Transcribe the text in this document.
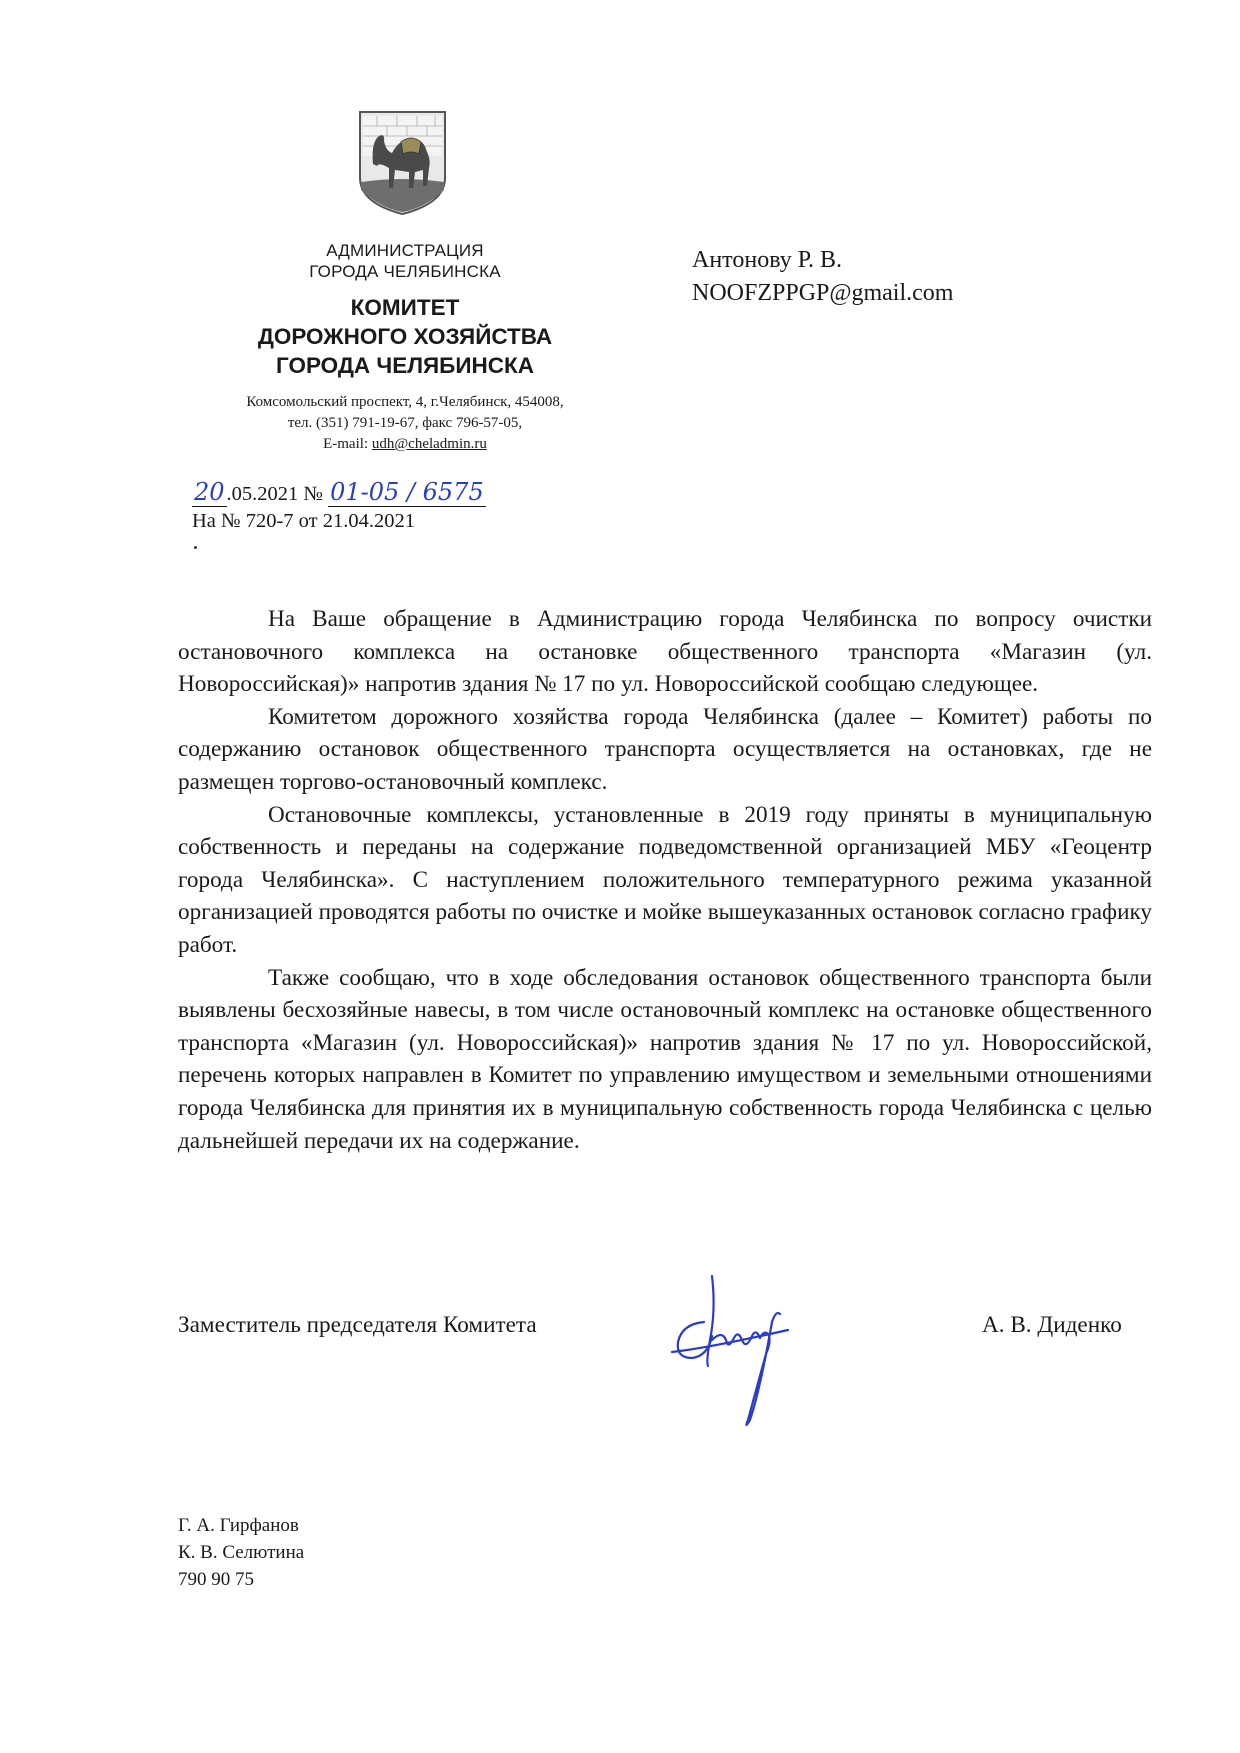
АДМИНИСТРАЦИЯ
ГОРОДА ЧЕЛЯБИНСКА
КОМИТЕТ
ДОРОЖНОГО ХОЗЯЙСТВА
ГОРОДА ЧЕЛЯБИНСКА
Комсомольский проспект, 4, г.Челябинск, 454008,
тел. (351) 791-19-67, факс 796-57-05,
E-mail: udh@cheladmin.ru
Антонову Р. В.
NOOFZPPGP@gmail.com
20.05.2021 № 01-05 / 6575
На № 720-7 от 21.04.2021

На Ваше обращение в Администрацию города Челябинска по вопросу очистки остановочного комплекса на остановке общественного транспорта «Магазин (ул. Новороссийская)» напротив здания № 17 по ул. Новороссийской сообщаю следующее.

Комитетом дорожного хозяйства города Челябинска (далее – Комитет) работы по содержанию остановок общественного транспорта осуществляется на остановках, где не размещен торгово-остановочный комплекс.

Остановочные комплексы, установленные в 2019 году приняты в муниципальную собственность и переданы на содержание подведомственной организацией МБУ «Геоцентр города Челябинска». С наступлением положительного температурного режима указанной организацией проводятся работы по очистке и мойке вышеуказанных остановок согласно графику работ.

Также сообщаю, что в ходе обследования остановок общественного транспорта были выявлены бесхозяйные навесы, в том числе остановочный комплекс на остановке общественного транспорта «Магазин (ул. Новороссийская)» напротив здания № 17 по ул. Новороссийской, перечень которых направлен в Комитет по управлению имуществом и земельными отношениями города Челябинска для принятия их в муниципальную собственность города Челябинска с целью дальнейшей передачи их на содержание.

Заместитель председателя Комитета	А. В. Диденко
Г. А. Гирфанов
К. В. Селютина
790 90 75
